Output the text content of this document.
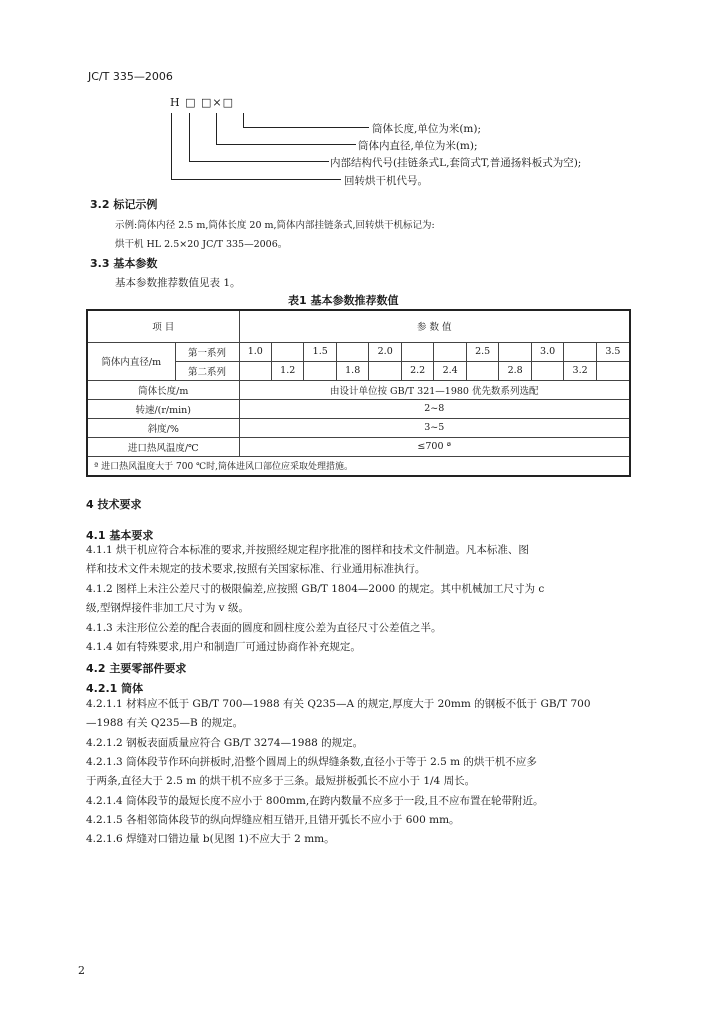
JC/T 335—2006
H □ □×□
筒体长度,单位为米(m);
筒体内直径,单位为米(m);
内部结构代号(挂链条式L,套筒式T,普通扬料板式为空);
回转烘干机代号。
3.2 标记示例
示例:筒体内径 2.5 m,筒体长度 20 m,筒体内部挂链条式,回转烘干机标记为:
烘干机 HL 2.5×20 JC/T 335—2006。
3.3 基本参数
基本参数推荐数值见表 1。
表1 基本参数推荐数值
项 目		参 数 值											
筒体内直径/m	第一系列	1.0		1.5		2.0			2.5		3.0		3.5
	第二系列		1.2		1.8		2.2	2.4		2.8		3.2	
筒体长度/m		由设计单位按 GB/T 321—1980 优先数系列选配											
转速/(r/min)		2~8											
斜度/%		3~5											
进口热风温度/℃		≤700 ª											
ª 进口热风温度大于 700 ℃时,筒体进风口部位应采取处理措施。													
4 技术要求
4.1 基本要求
4.1.1 烘干机应符合本标准的要求,并按照经规定程序批准的图样和技术文件制造。凡本标准、图
样和技术文件未规定的技术要求,按照有关国家标准、行业通用标准执行。
4.1.2 图样上未注公差尺寸的极限偏差,应按照 GB/T 1804—2000 的规定。其中机械加工尺寸为 c
级,型钢焊接件非加工尺寸为 v 级。
4.1.3 未注形位公差的配合表面的圆度和圆柱度公差为直径尺寸公差值之半。
4.1.4 如有特殊要求,用户和制造厂可通过协商作补充规定。
4.2 主要零部件要求
4.2.1 筒体
4.2.1.1 材料应不低于 GB/T 700—1988 有关 Q235—A 的规定,厚度大于 20mm 的钢板不低于 GB/T 700
—1988 有关 Q235—B 的规定。
4.2.1.2 钢板表面质量应符合 GB/T 3274—1988 的规定。
4.2.1.3 筒体段节作环向拼板时,沿整个圆周上的纵焊缝条数,直径小于等于 2.5 m 的烘干机不应多
于两条,直径大于 2.5 m 的烘干机不应多于三条。最短拼板弧长不应小于 1/4 周长。
4.2.1.4 筒体段节的最短长度不应小于 800mm,在跨内数量不应多于一段,且不应布置在轮带附近。
4.2.1.5 各相邻筒体段节的纵向焊缝应相互错开,且错开弧长不应小于 600 mm。
4.2.1.6 焊缝对口错边量 b(见图 1)不应大于 2 mm。
2
